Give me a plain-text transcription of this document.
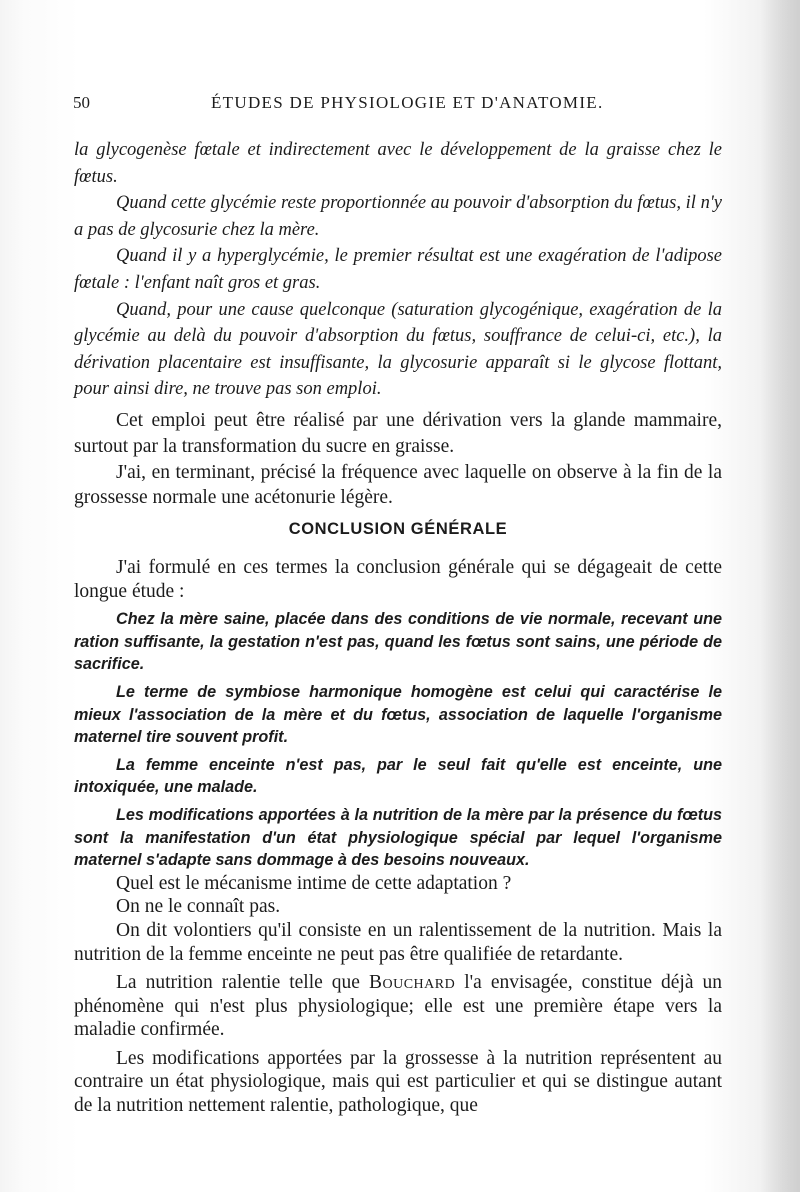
50	ÉTUDES DE PHYSIOLOGIE ET D'ANATOMIE.

la glycogenèse fœtale et indirectement avec le développement de la graisse chez le fœtus.

Quand cette glycémie reste proportionnée au pouvoir d'absorption du fœtus, il n'y a pas de glycosurie chez la mère.

Quand il y a hyperglycémie, le premier résultat est une exagération de l'adipose fœtale : l'enfant naît gros et gras.

Quand, pour une cause quelconque (saturation glycogénique, exagération de la glycémie au delà du pouvoir d'absorption du fœtus, souffrance de celui-ci, etc.), la dérivation placentaire est insuffisante, la glycosurie apparaît si le glycose flottant, pour ainsi dire, ne trouve pas son emploi.

Cet emploi peut être réalisé par une dérivation vers la glande mammaire, surtout par la transformation du sucre en graisse.

J'ai, en terminant, précisé la fréquence avec laquelle on observe à la fin de la grossesse normale une acétonurie légère.

CONCLUSION GÉNÉRALE

J'ai formulé en ces termes la conclusion générale qui se dégageait de cette longue étude :

Chez la mère saine, placée dans des conditions de vie normale, recevant une ration suffisante, la gestation n'est pas, quand les fœtus sont sains, une période de sacrifice.

Le terme de symbiose harmonique homogène est celui qui caractérise le mieux l'association de la mère et du fœtus, association de laquelle l'organisme maternel tire souvent profit.

La femme enceinte n'est pas, par le seul fait qu'elle est enceinte, une intoxiquée, une malade.

Les modifications apportées à la nutrition de la mère par la présence du fœtus sont la manifestation d'un état physiologique spécial par lequel l'organisme maternel s'adapte sans dommage à des besoins nouveaux.

Quel est le mécanisme intime de cette adaptation ?

On ne le connaît pas.

On dit volontiers qu'il consiste en un ralentissement de la nutrition. Mais la nutrition de la femme enceinte ne peut pas être qualifiée de retardante.

La nutrition ralentie telle que Bouchard l'a envisagée, constitue déjà un phénomène qui n'est plus physiologique; elle est une première étape vers la maladie confirmée.

Les modifications apportées par la grossesse à la nutrition représentent au contraire un état physiologique, mais qui est particulier et qui se distingue autant de la nutrition nettement ralentie, pathologique, que
